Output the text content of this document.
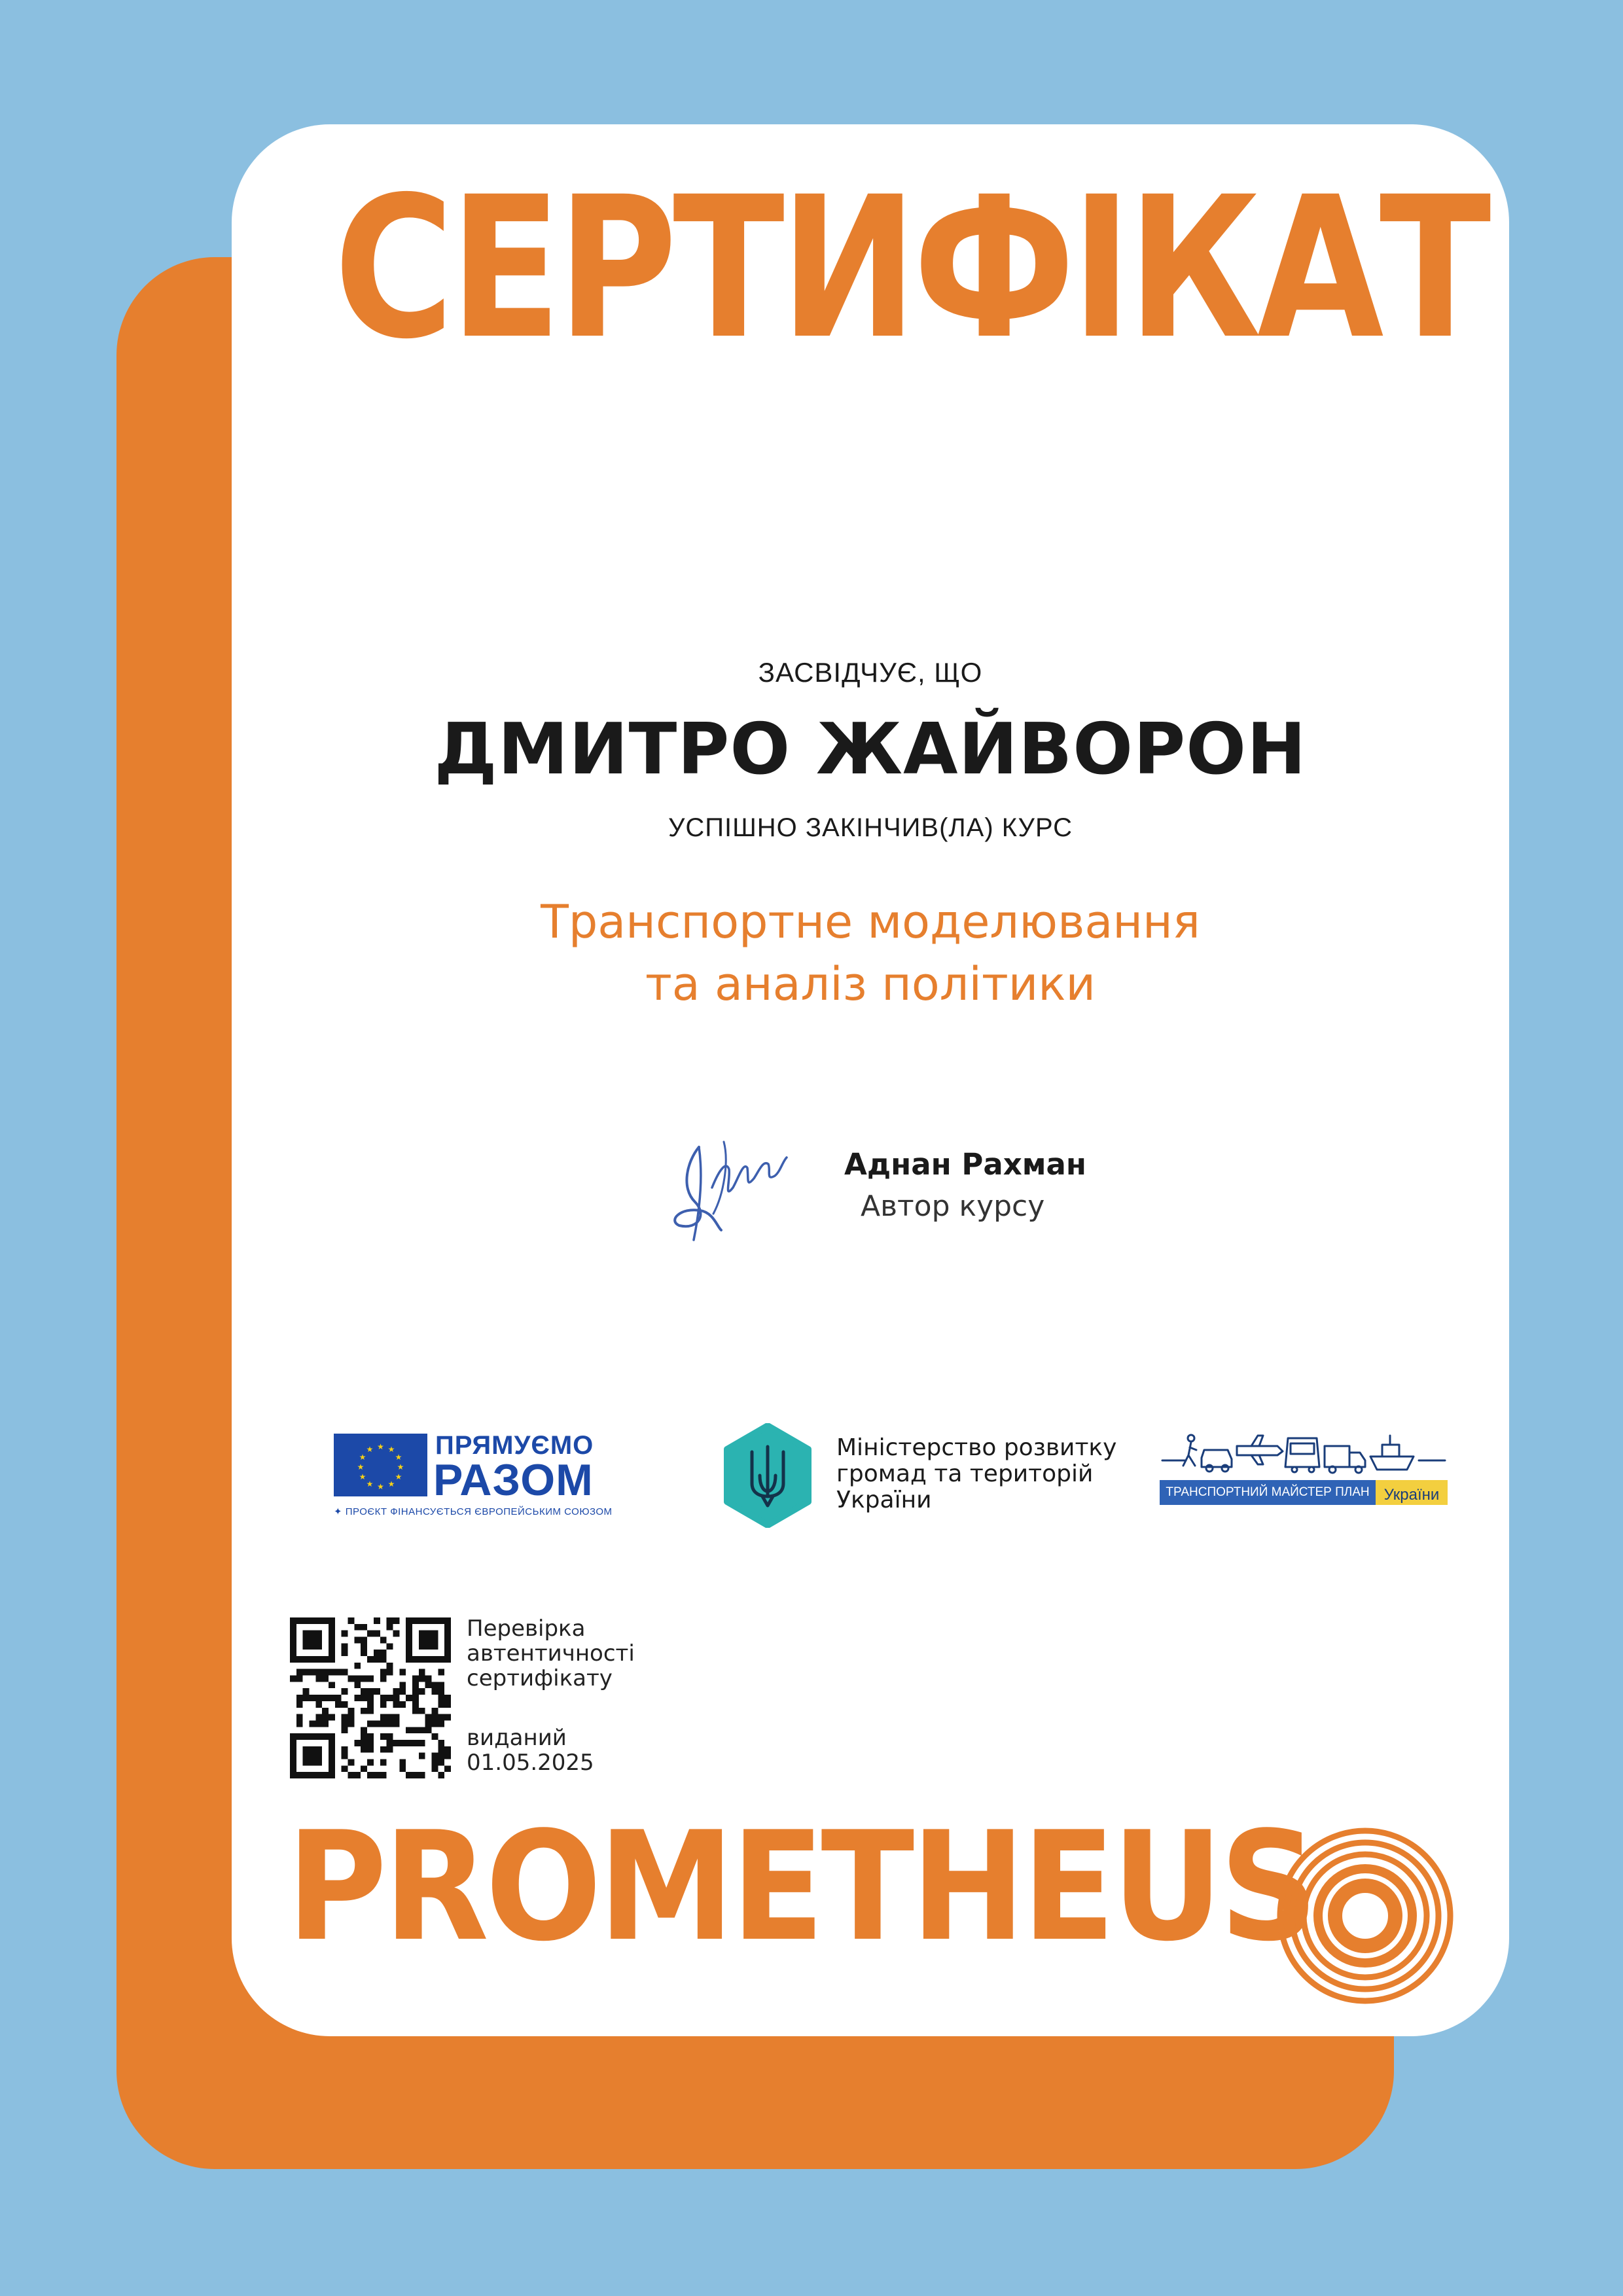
СЕРТИФІКАТ
ЗАСВІДЧУЄ, ЩО
ДМИТРО ЖАЙВОРОН
УСПІШНО ЗАКІНЧИВ(ЛА) КУРС
Транспортне моделювання
та аналіз політики
Аднан Рахман
Автор курсу
★ ★
★
★
★
★
★
★
★
★
★
★ ПРЯМУЄМО
РАЗОМ
✦ ПРОЄКТ ФІНАНСУЄТЬСЯ ЄВРОПЕЙСЬКИМ СОЮЗОМ
Міністерство розвитку
громад та територій
України	ТРАНСПОРТНИЙ МАЙСТЕР ПЛАН України
Перевірка
автентичності
сертифікату
виданий
01.05.2025
PROMETHEUS
